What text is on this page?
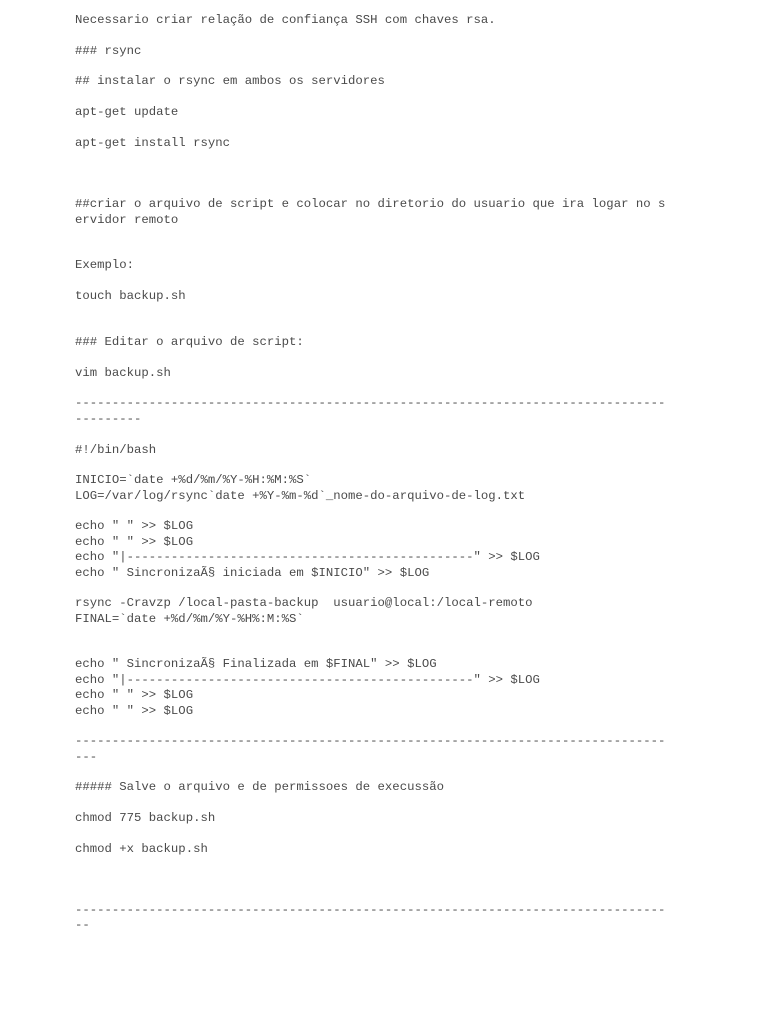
Necessario criar relação de confiança SSH com chaves rsa.

### rsync

## instalar o rsync em ambos os servidores

apt-get update

apt-get install rsync

##criar o arquivo de script e colocar no diretorio do usuario que ira logar no s

ervidor remoto

Exemplo:

touch backup.sh

### Editar o arquivo de script:

vim backup.sh

--------------------------------------------------------------------------------

---------

#!/bin/bash

INICIO=`date +%d/%m/%Y-%H:%M:%S`

LOG=/var/log/rsync`date +%Y-%m-%d`_nome-do-arquivo-de-log.txt

echo " " >> $LOG

echo " " >> $LOG

echo "|-----------------------------------------------" >> $LOG

echo " SincronizaÃ§ iniciada em $INICIO" >> $LOG

rsync -Cravzp /local-pasta-backup  usuario@local:/local-remoto

FINAL=`date +%d/%m/%Y-%H%:M:%S`

echo " SincronizaÃ§ Finalizada em $FINAL" >> $LOG

echo "|-----------------------------------------------" >> $LOG

echo " " >> $LOG

echo " " >> $LOG

--------------------------------------------------------------------------------

---

##### Salve o arquivo e de permissoes de execussão

chmod 775 backup.sh

chmod +x backup.sh

--------------------------------------------------------------------------------

--
